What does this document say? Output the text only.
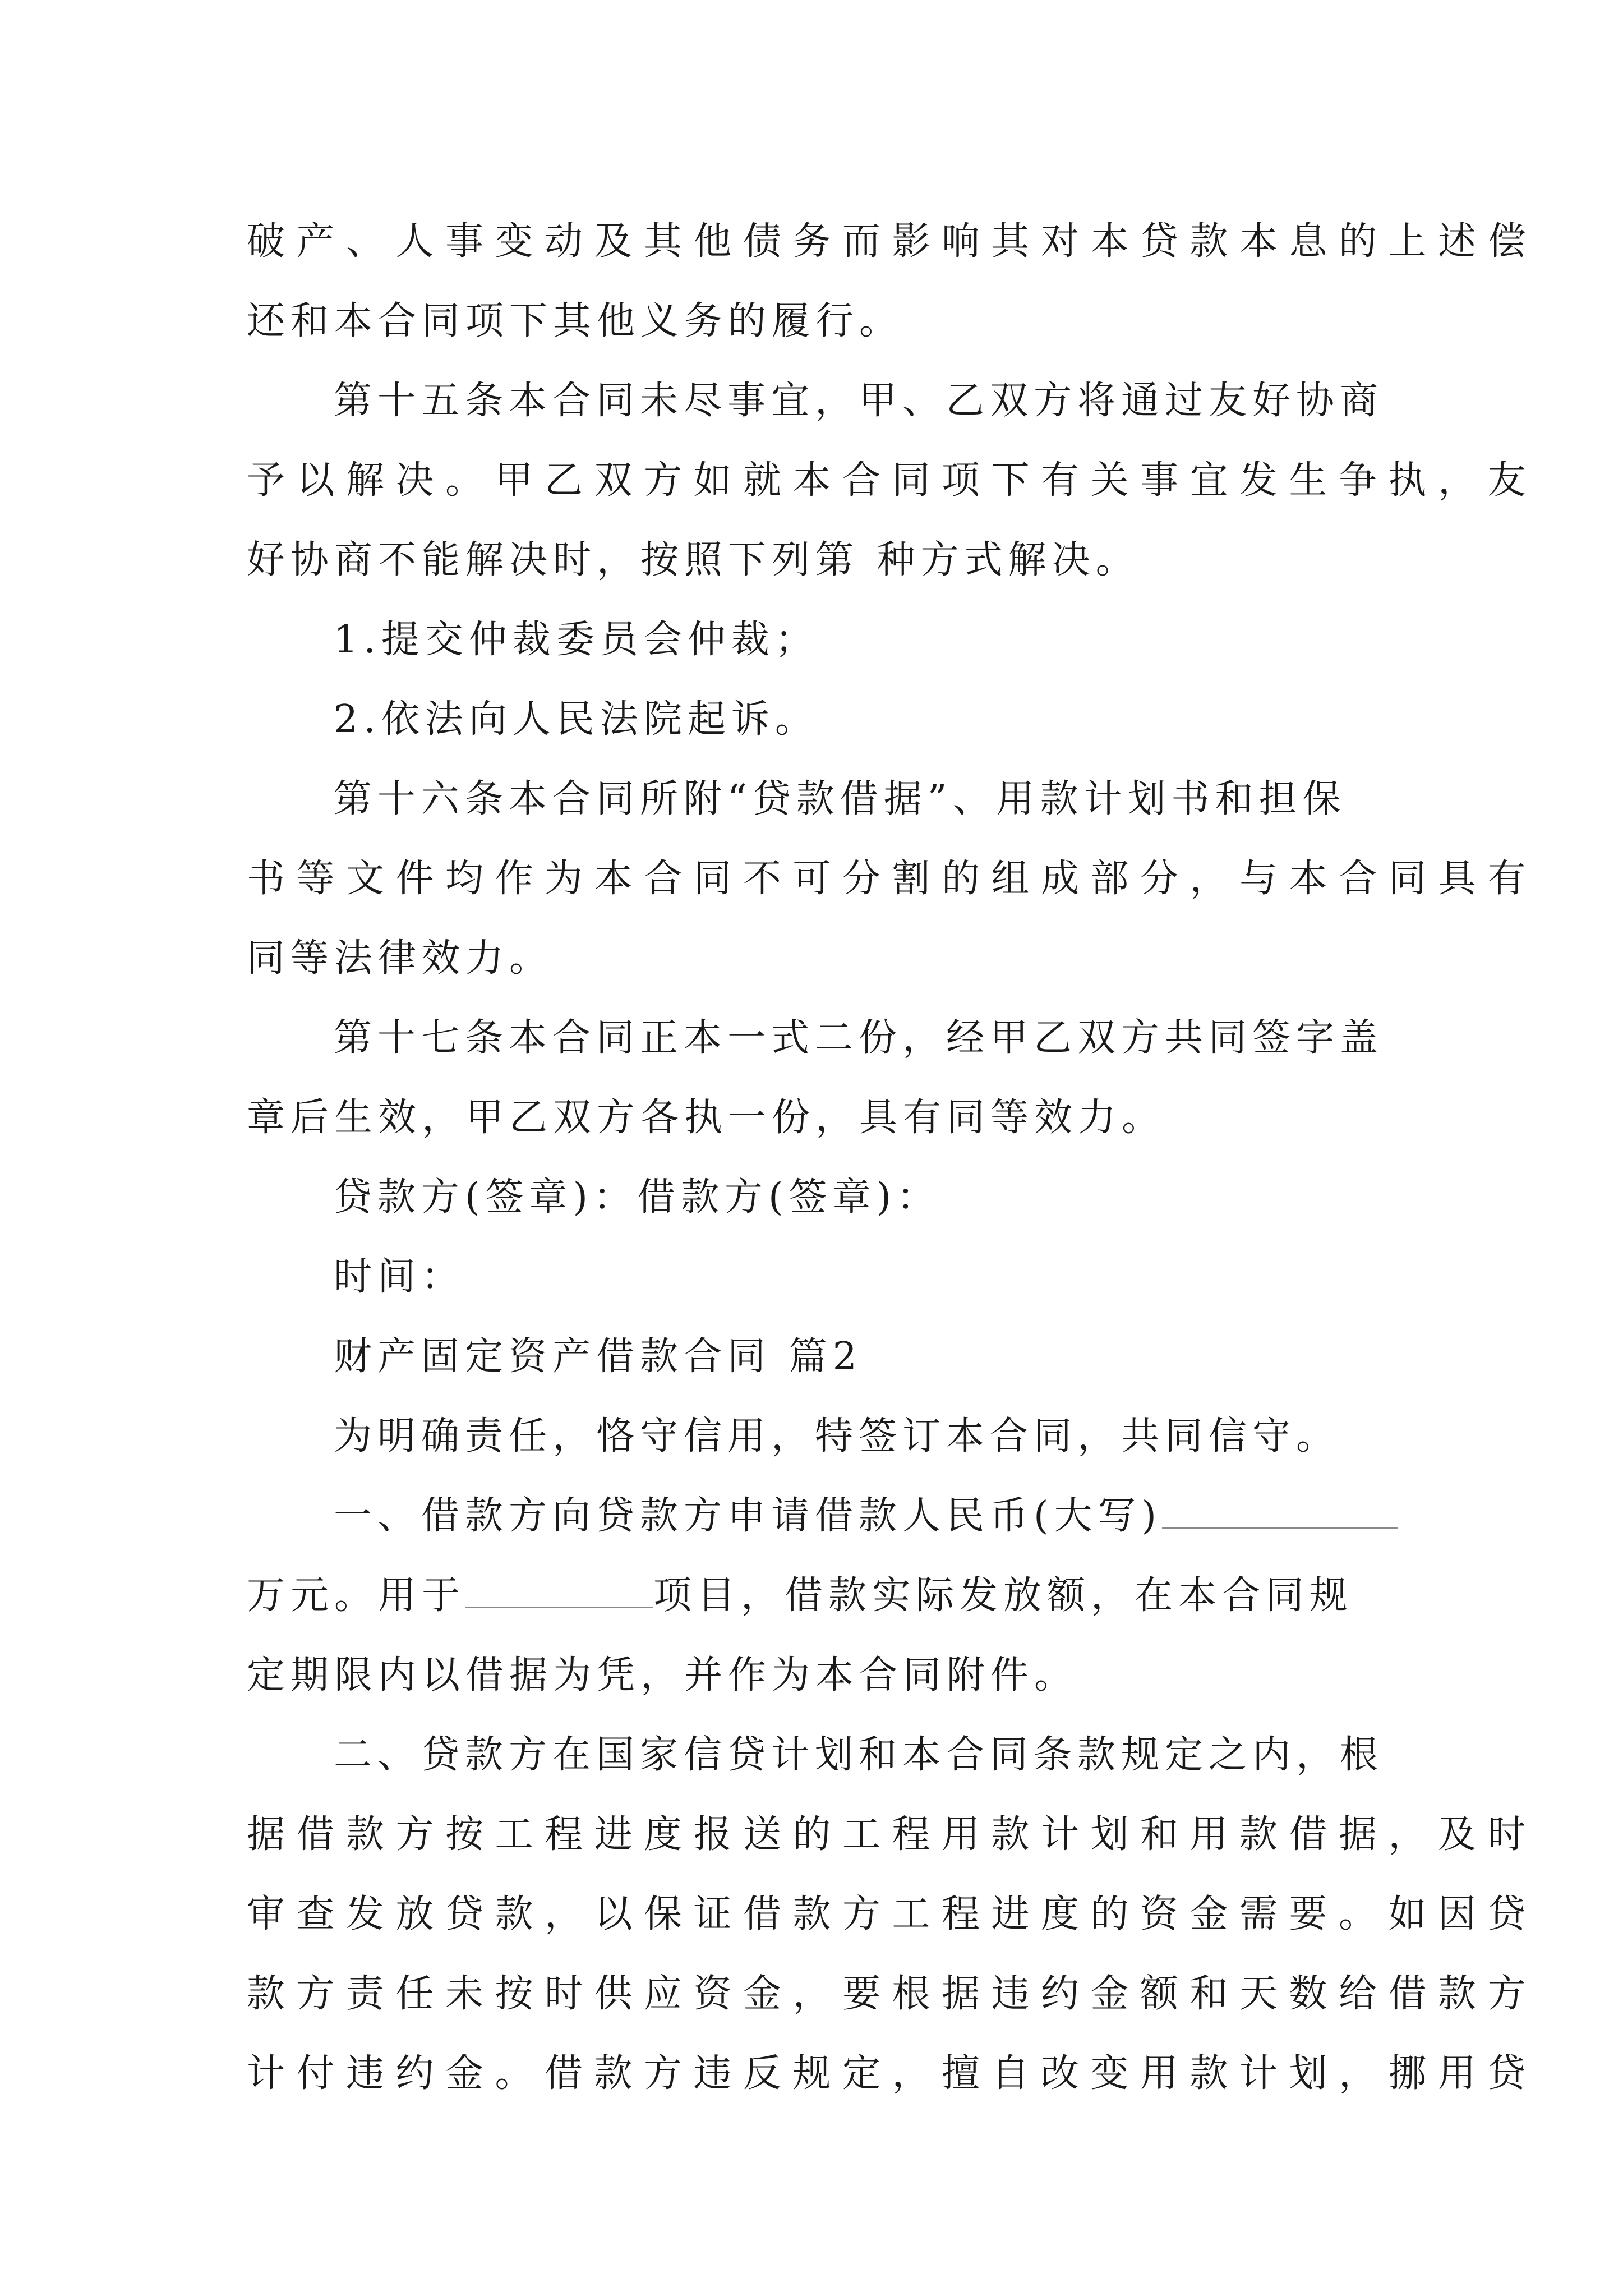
破产、人事变动及其他债务而影响其对本贷款本息的上述偿
还和本合同项下其他义务的履行。
第十五条本合同未尽事宜，甲、乙双方将通过友好协商
予以解决。甲乙双方如就本合同项下有关事宜发生争执，友
好协商不能解决时，按照下列第 种方式解决。
1.提交仲裁委员会仲裁；
2.依法向人民法院起诉。
第十六条本合同所附“贷款借据”、用款计划书和担保
书等文件均作为本合同不可分割的组成部分，与本合同具有
同等法律效力。
第十七条本合同正本一式二份，经甲乙双方共同签字盖
章后生效，甲乙双方各执一份，具有同等效力。
贷款方(签章)：借款方(签章)：
时间：
财产固定资产借款合同 篇2
为明确责任，恪守信用，特签订本合同，共同信守。
一、借款方向贷款方申请借款人民币(大写)
万元。用于	项目，借款实际发放额，在本合同规
定期限内以借据为凭，并作为本合同附件。
二、贷款方在国家信贷计划和本合同条款规定之内，根
据借款方按工程进度报送的工程用款计划和用款借据，及时
审查发放贷款，以保证借款方工程进度的资金需要。如因贷
款方责任未按时供应资金，要根据违约金额和天数给借款方
计付违约金。借款方违反规定，擅自改变用款计划，挪用贷
